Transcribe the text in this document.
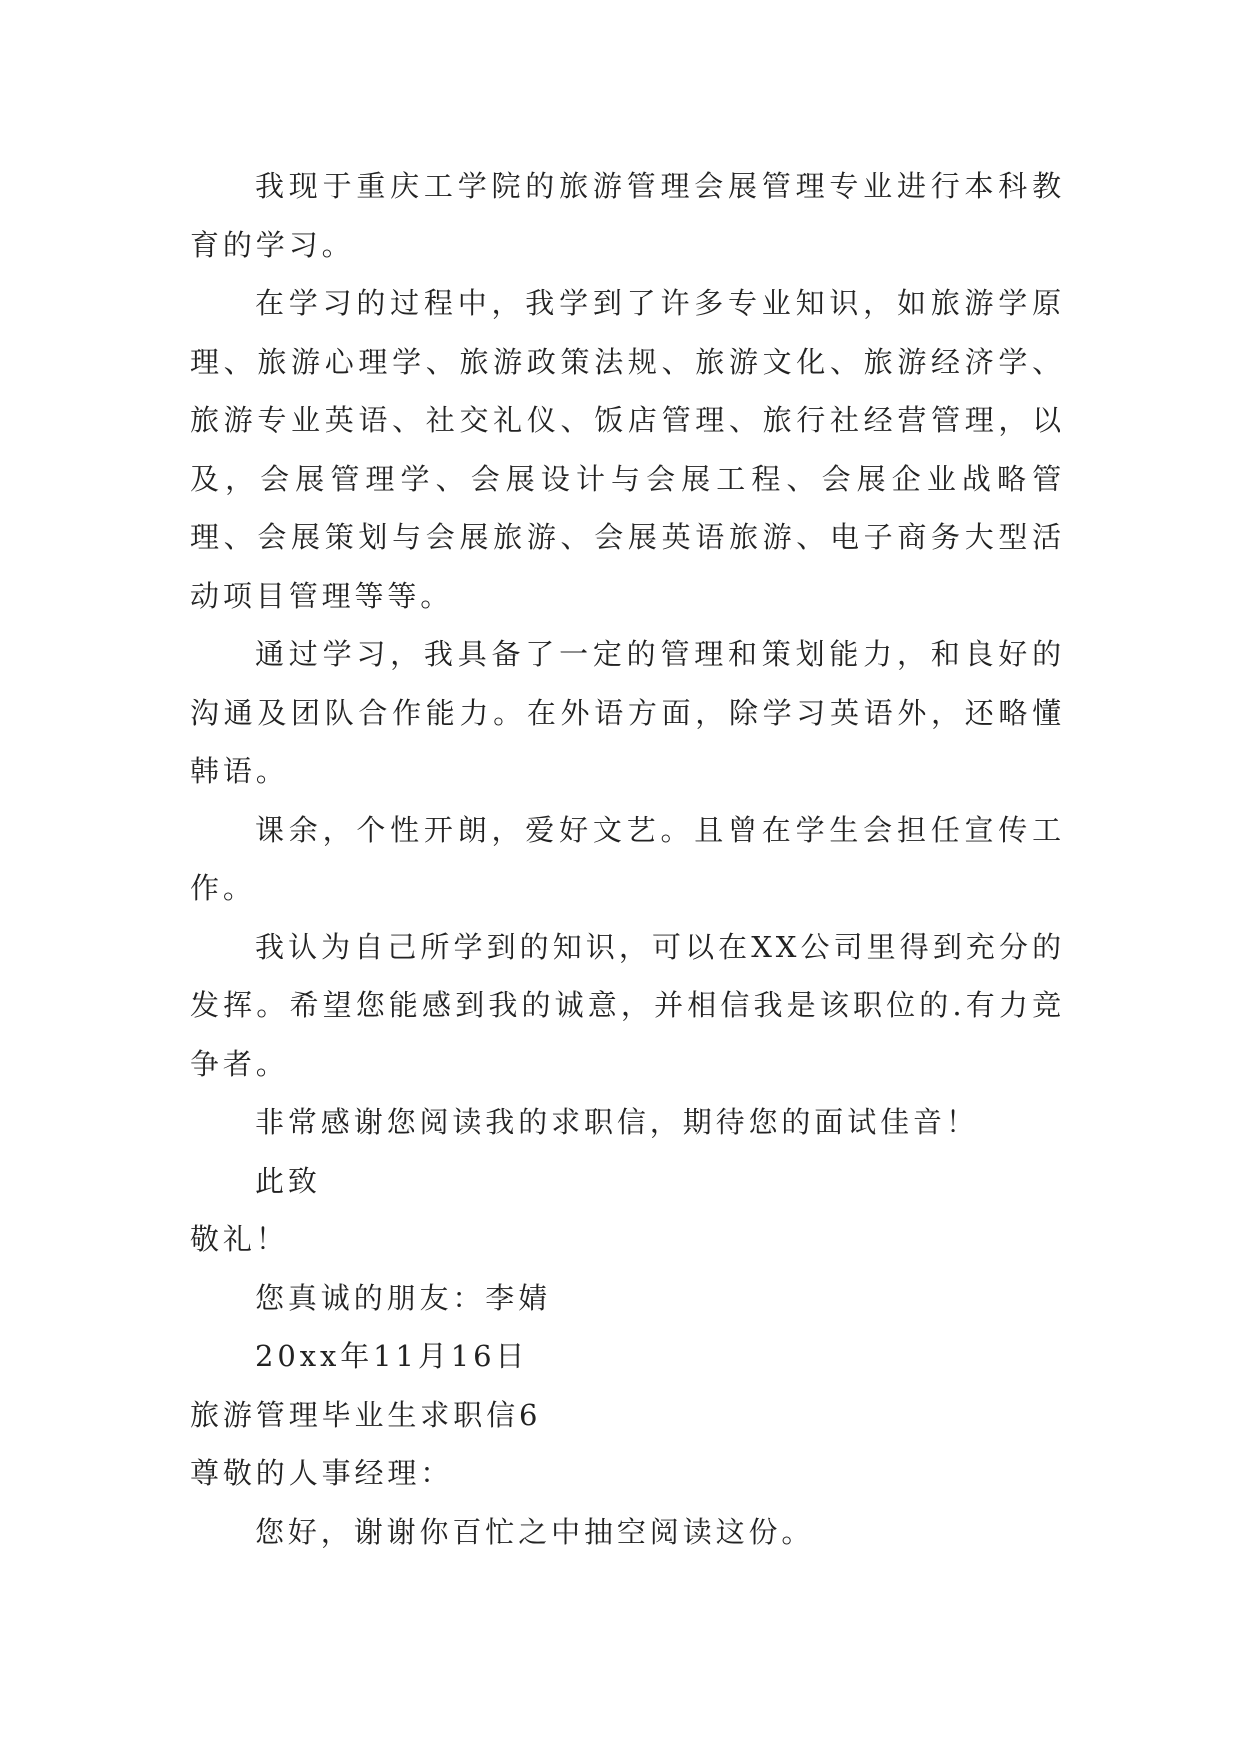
我现于重庆工学院的旅游管理会展管理专业进行本科教育的学习。

在学习的过程中，我学到了许多专业知识，如旅游学原理、旅游心理学、旅游政策法规、旅游文化、旅游经济学、旅游专业英语、社交礼仪、饭店管理、旅行社经营管理，以及，会展管理学、会展设计与会展工程、会展企业战略管理、会展策划与会展旅游、会展英语旅游、电子商务大型活动项目管理等等。

通过学习，我具备了一定的管理和策划能力，和良好的沟通及团队合作能力。在外语方面，除学习英语外，还略懂韩语。

课余，个性开朗，爱好文艺。且曾在学生会担任宣传工作。

我认为自己所学到的知识，可以在XX公司里得到充分的发挥。希望您能感到我的诚意，并相信我是该职位的.有力竞争者。

非常感谢您阅读我的求职信，期待您的面试佳音！

此致

敬礼！

您真诚的朋友：李婧

20xx年11月16日

旅游管理毕业生求职信6

尊敬的人事经理：

您好，谢谢你百忙之中抽空阅读这份。
